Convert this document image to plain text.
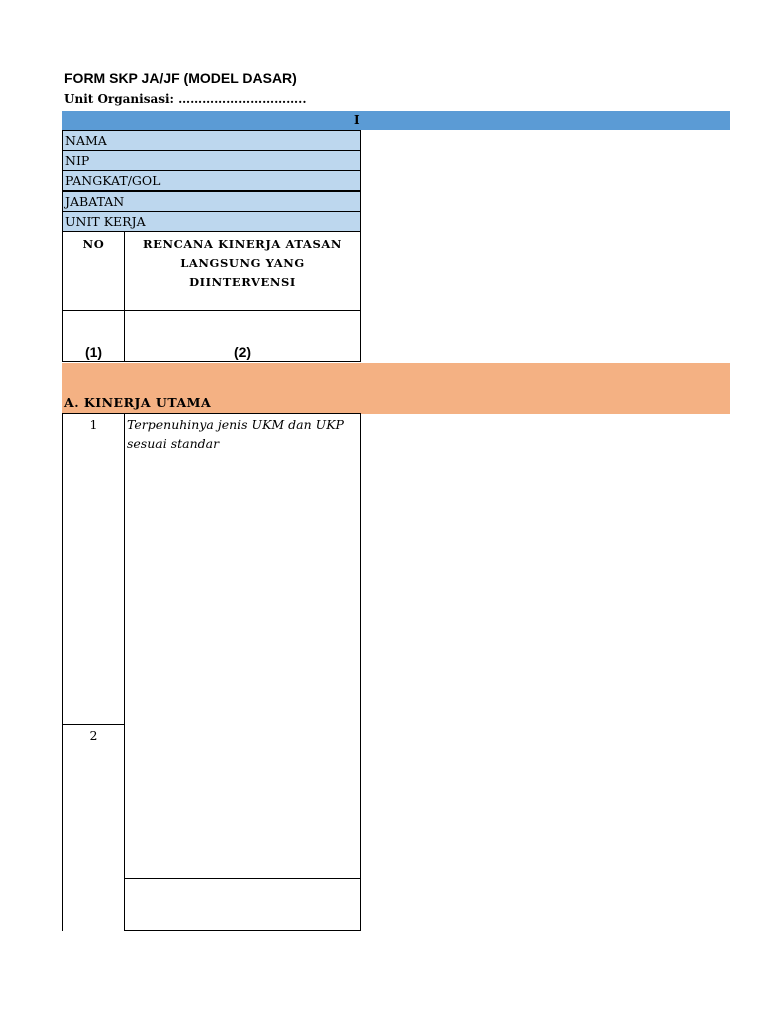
FORM SKP JA/JF (MODEL DASAR)
Unit Organisasi: …………………………..
I
NAMA
NIP
PANGKAT/GOL
JABATAN
UNIT KERJA
NO	RENCANA KINERJA ATASAN LANGSUNG YANG DIINTERVENSI
(1)	(2)
A. KINERJA UTAMA
1	Terpenuhinya jenis UKM dan UKP sesuai standar
2
